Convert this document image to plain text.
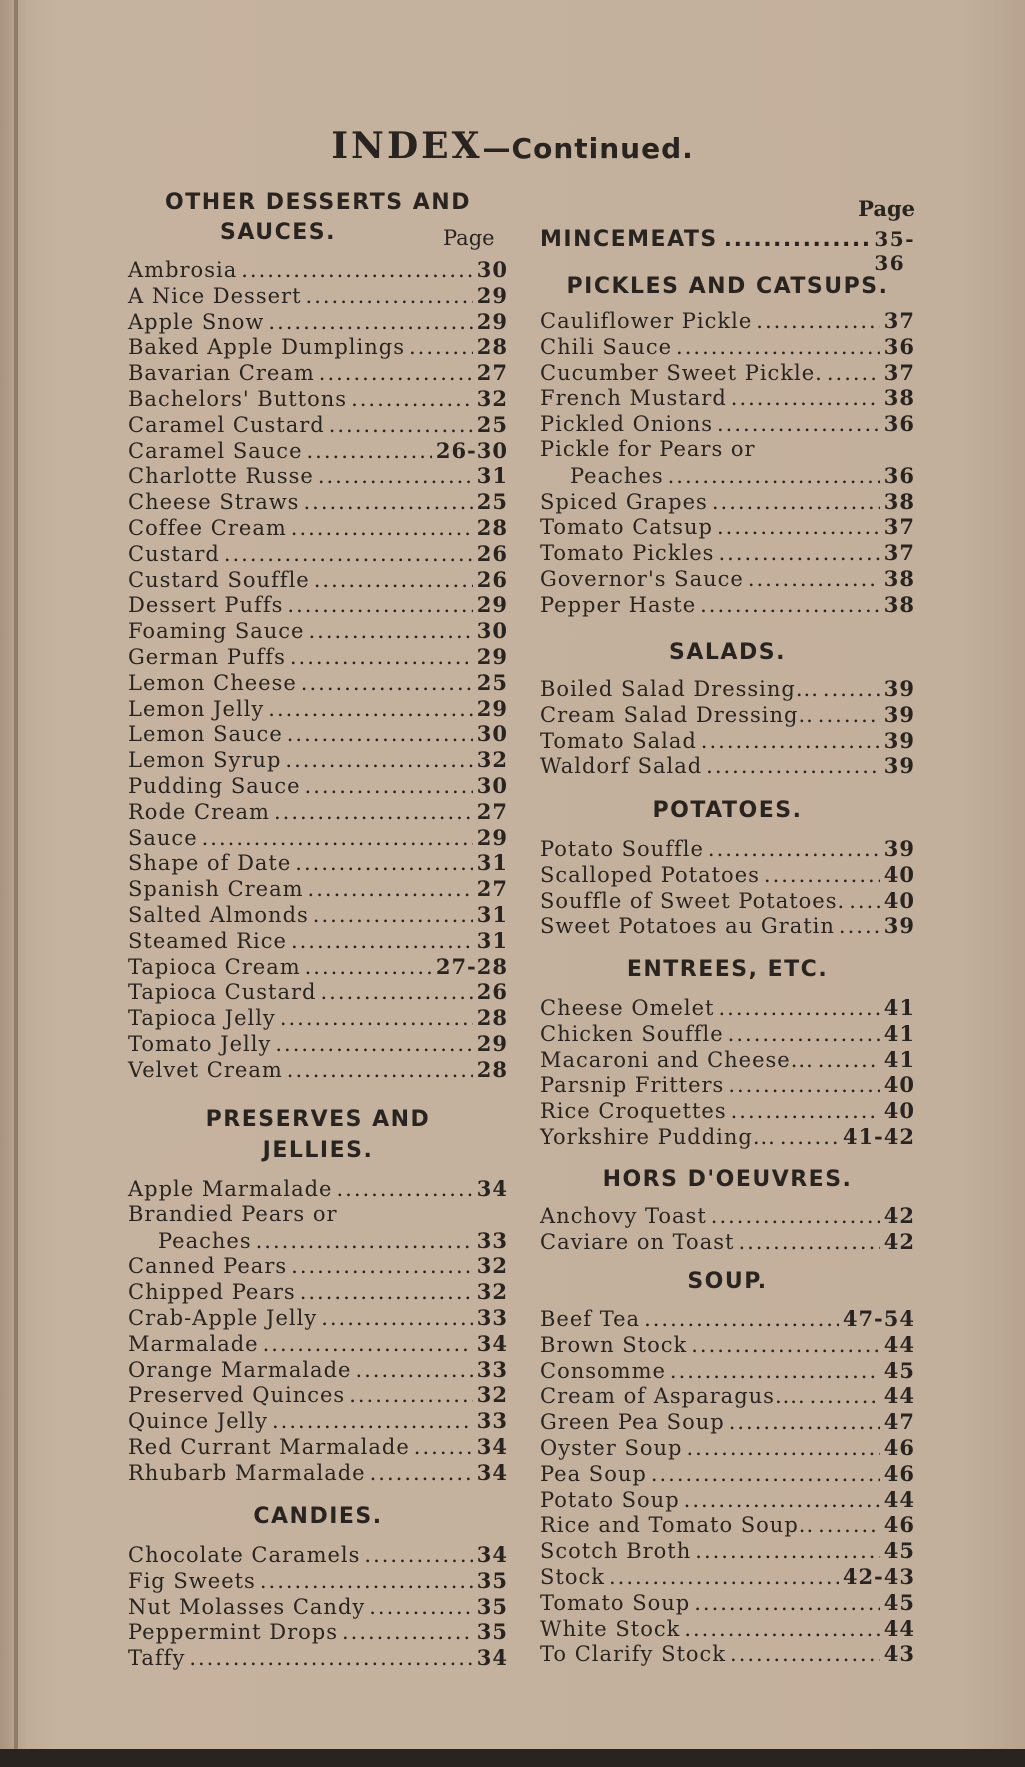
INDEX—Continued.
OTHER DESSERTS AND
SAUCES.	Page
Ambrosia .....	30
A Nice Dessert .....	29
Apple Snow .....	29
Baked Apple Dumplings .....	28
Bavarian Cream .....	27
Bachelors' Buttons .....	32
Caramel Custard .....	25
Caramel Sauce .....	26-30
Charlotte Russe .....	31
Cheese Straws .....	25
Coffee Cream .....	28
Custard .....	26
Custard Souffle .....	26
Dessert Puffs .....	29
Foaming Sauce .....	30
German Puffs .....	29
Lemon Cheese .....	25
Lemon Jelly .....	29
Lemon Sauce .....	30
Lemon Syrup .....	32
Pudding Sauce .....	30
Rode Cream .....	27
Sauce .....	29
Shape of Date .....	31
Spanish Cream .....	27
Salted Almonds .....	31
Steamed Rice .....	31
Tapioca Cream .....	27-28
Tapioca Custard .....	26
Tapioca Jelly .....	28
Tomato Jelly .....	29
Velvet Cream .....	28
PRESERVES AND
JELLIES.
Apple Marmalade .....	34
Brandied Pears or
Peaches .....	33
Canned Pears .....	32
Chipped Pears .....	32
Crab-Apple Jelly .....	33
Marmalade .....	34
Orange Marmalade .....	33
Preserved Quinces .....	32
Quince Jelly .....	33
Red Currant Marmalade .....	34
Rhubarb Marmalade .....	34
CANDIES.
Chocolate Caramels .....	34
Fig Sweets .....	35
Nut Molasses Candy .....	35
Peppermint Drops .....	35
Taffy .....	34
Page
MINCEMEATS .....	35-36
PICKLES AND CATSUPS.
Cauliflower Pickle .....	37
Chili Sauce .....	36
Cucumber Sweet Pickle. .....	37
French Mustard .....	38
Pickled Onions .....	36
Pickle for Pears or
Peaches .....	36
Spiced Grapes .....	38
Tomato Catsup .....	37
Tomato Pickles .....	37
Governor's Sauce .....	38
Pepper Haste .....	38
SALADS.
Boiled Salad Dressing... .....	39
Cream Salad Dressing.. .....	39
Tomato Salad .....	39
Waldorf Salad .....	39
POTATOES.
Potato Souffle .....	39
Scalloped Potatoes .....	40
Souffle of Sweet Potatoes. ..... 40
Sweet Potatoes au Gratin ..... 39
ENTREES, ETC.
Cheese Omelet .....	41
Chicken Souffle .....	41
Macaroni and Cheese... .....	41
Parsnip Fritters .....	40
Rice Croquettes .....	40
Yorkshire Pudding... .....	41-42
HORS D'OEUVRES.
Anchovy Toast .....	42
Caviare on Toast .....	42
SOUP.
Beef Tea .....	47-54
Brown Stock .....	44
Consomme .....	45
Cream of Asparagus.... .....	44
Green Pea Soup .....	47
Oyster Soup .....	46
Pea Soup .....	46
Potato Soup .....	44
Rice and Tomato Soup.. .....	46
Scotch Broth .....	45
Stock .....	42-43
Tomato Soup .....	45
White Stock .....	44
To Clarify Stock .....	43
